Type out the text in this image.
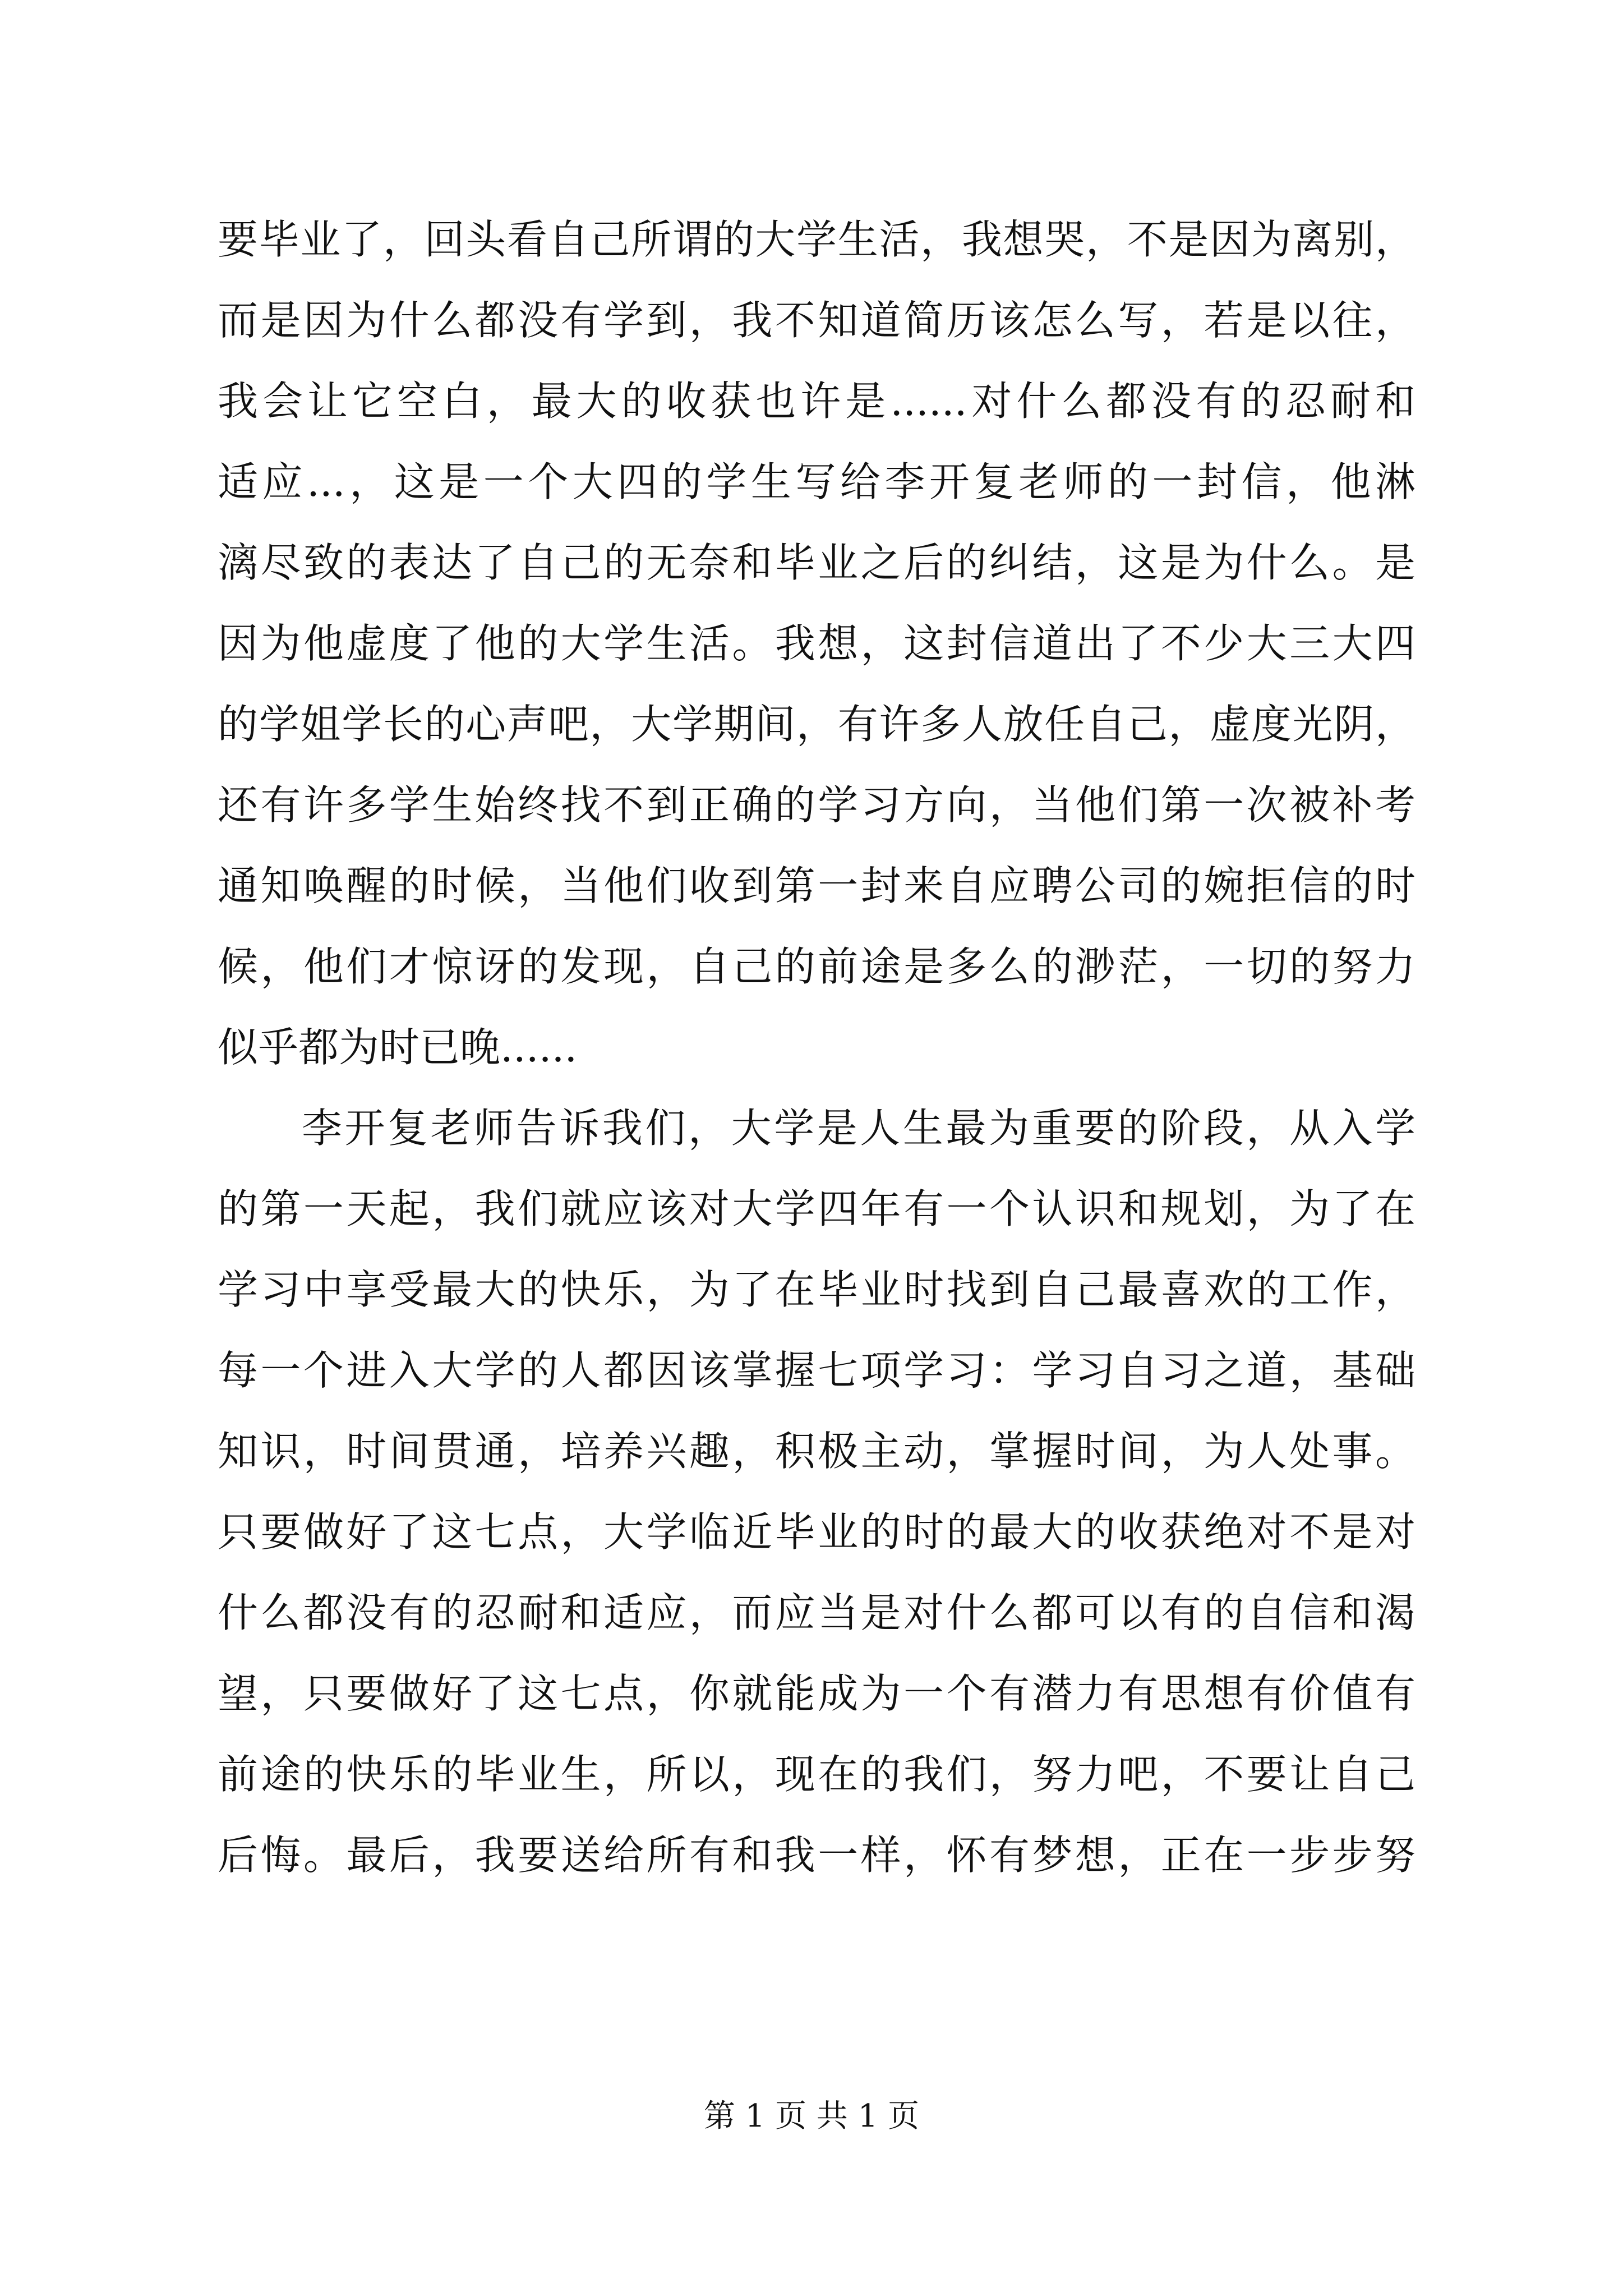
要毕业了，回头看自己所谓的大学生活，我想哭，不是因为离别，
而是因为什么都没有学到，我不知道简历该怎么写，若是以往，
我会让它空白，最大的收获也许是......对什么都没有的忍耐和
适应...，这是一个大四的学生写给李开复老师的一封信，他淋
漓尽致的表达了自己的无奈和毕业之后的纠结，这是为什么。是
因为他虚度了他的大学生活。我想，这封信道出了不少大三大四
的学姐学长的心声吧，大学期间，有许多人放任自己，虚度光阴，
还有许多学生始终找不到正确的学习方向，当他们第一次被补考
通知唤醒的时候，当他们收到第一封来自应聘公司的婉拒信的时
候，他们才惊讶的发现，自己的前途是多么的渺茫，一切的努力
似乎都为时已晚......
李开复老师告诉我们，大学是人生最为重要的阶段，从入学
的第一天起，我们就应该对大学四年有一个认识和规划，为了在
学习中享受最大的快乐，为了在毕业时找到自己最喜欢的工作，
每一个进入大学的人都因该掌握七项学习：学习自习之道，基础
知识，时间贯通，培养兴趣，积极主动，掌握时间，为人处事。
只要做好了这七点，大学临近毕业的时的最大的收获绝对不是对
什么都没有的忍耐和适应，而应当是对什么都可以有的自信和渴
望，只要做好了这七点，你就能成为一个有潜力有思想有价值有
前途的快乐的毕业生，所以，现在的我们，努力吧，不要让自己
后悔。最后，我要送给所有和我一样，怀有梦想，正在一步步努
第 1 页 共 1 页
